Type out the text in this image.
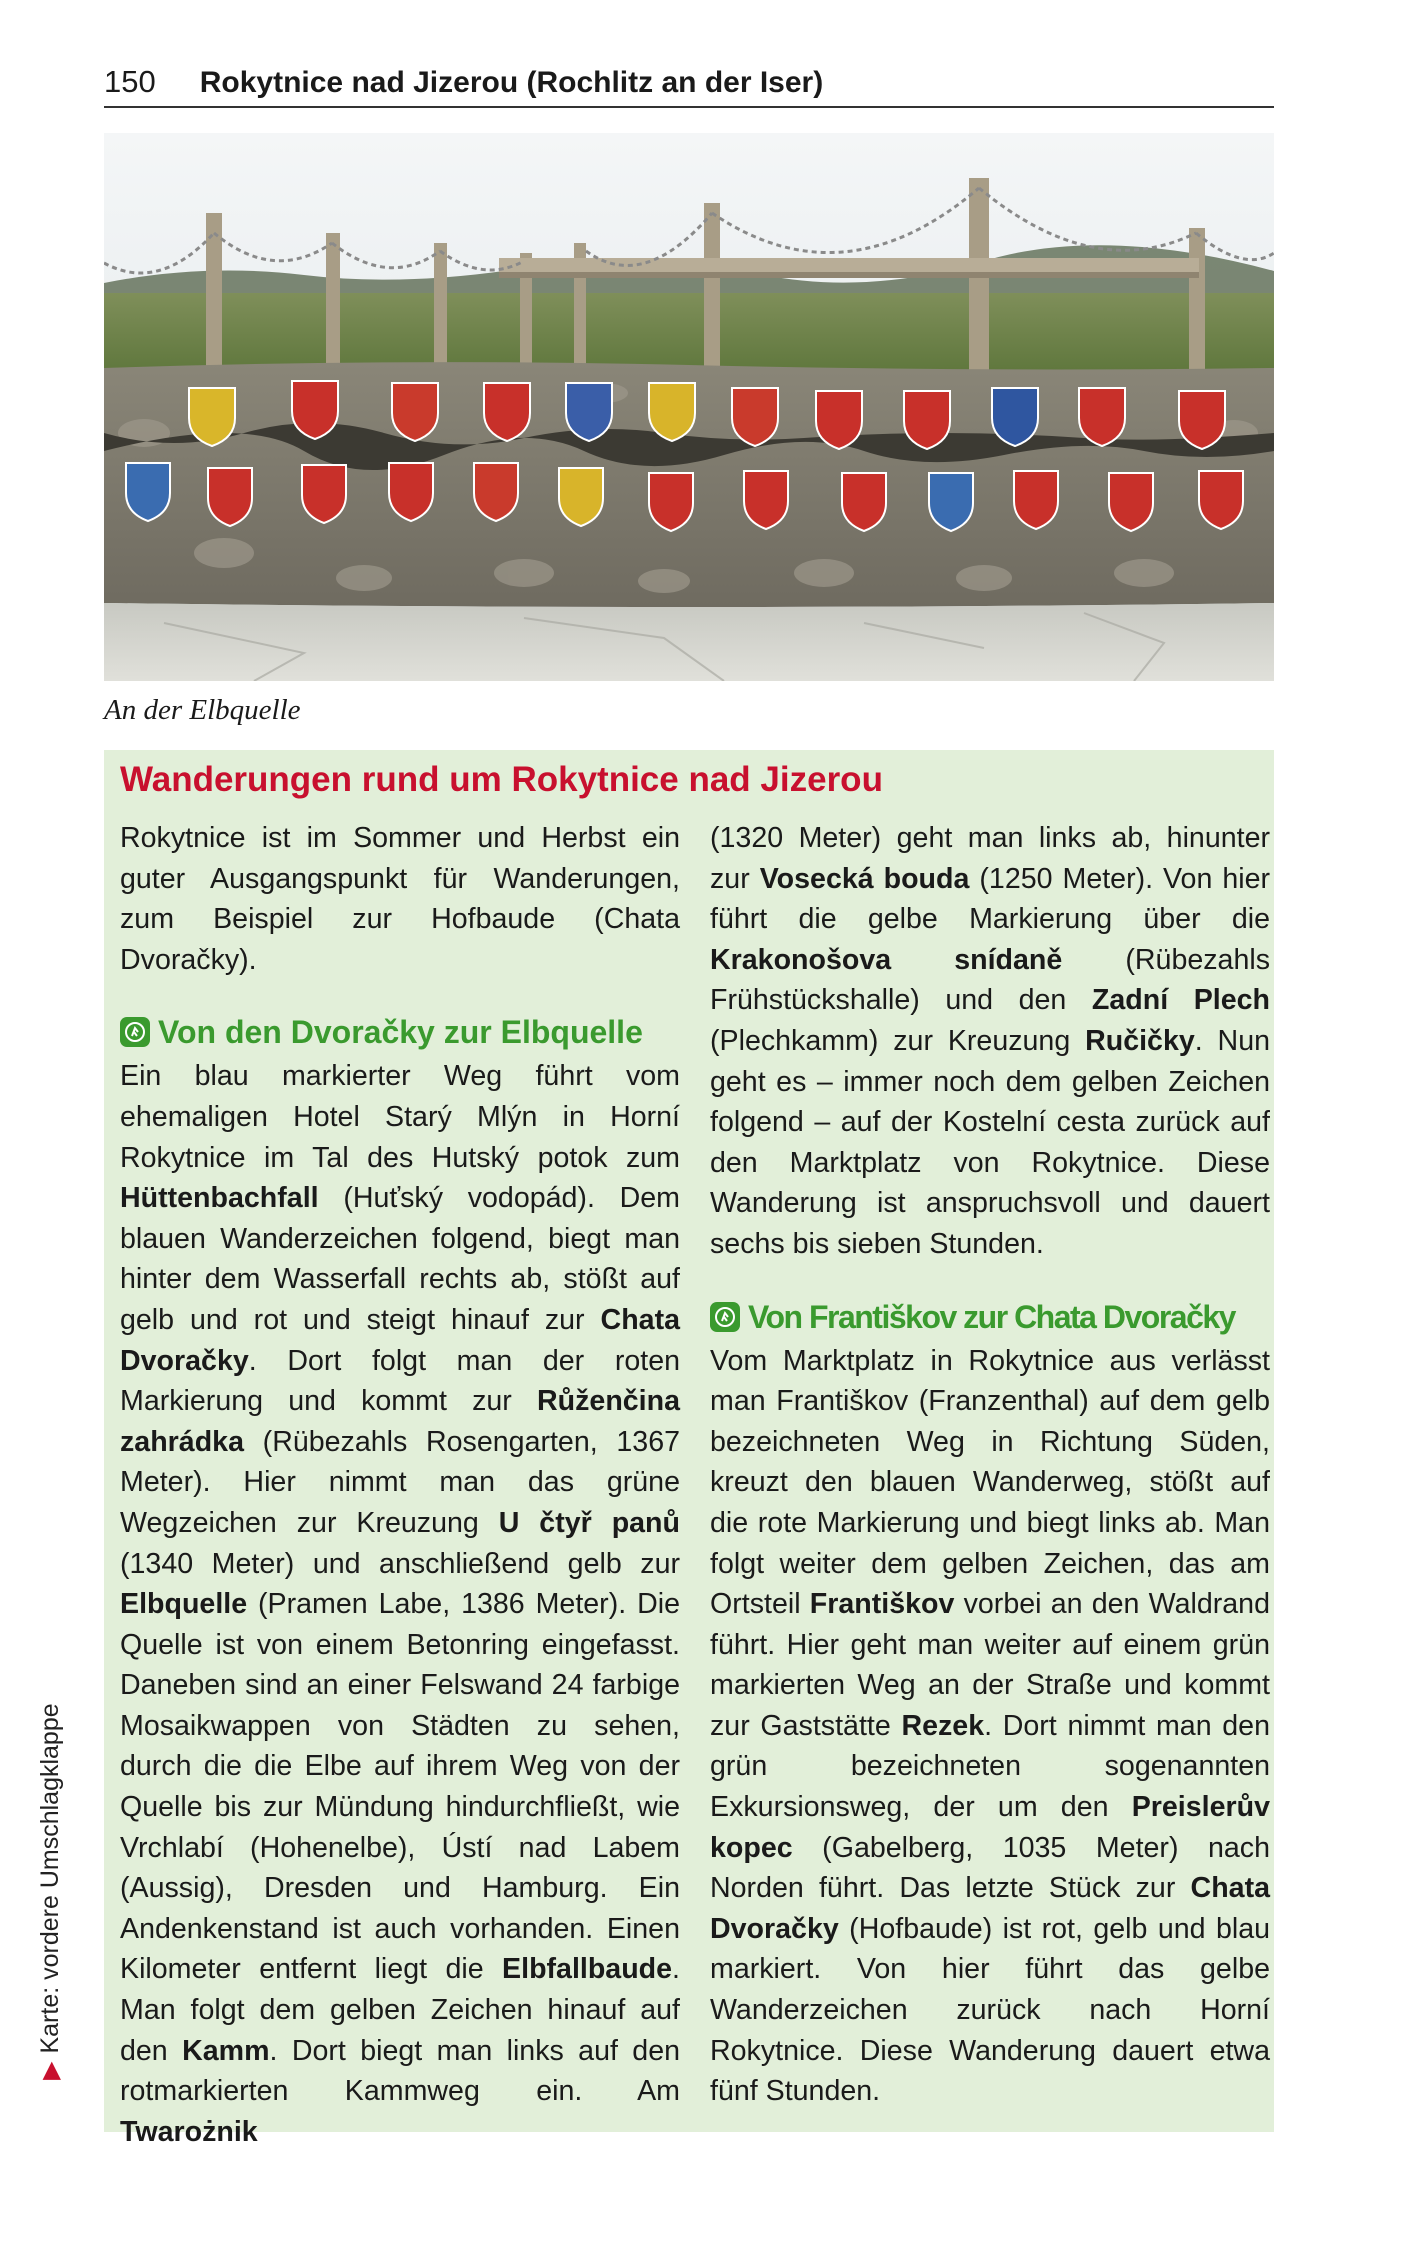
150 Rokytnice nad Jizerou (Rochlitz an der Iser)
An der Elbquelle
▶
Karte: vordere Umschlagklappe
Wanderungen rund um Rokytnice nad Jizerou

Rokytnice ist im Sommer und Herbst ein guter Ausgangspunkt für Wanderungen, zum Beispiel zur Hofbaude (Chata Dvoračky).

Von den Dvoračky zur Elbquelle

Ein blau markierter Weg führt vom ehemaligen Hotel Starý Mlýn in Horní Rokytnice im Tal des Hutský potok zum Hüttenbachfall (Huťský vodopád). Dem blauen Wanderzeichen folgend, biegt man hinter dem Wasserfall rechts ab, stößt auf gelb und rot und steigt hinauf zur Chata Dvoračky. Dort folgt man der roten Markierung und kommt zur Růženčina zahrádka (Rübezahls Rosengarten, 1367 Meter). Hier nimmt man das grüne Wegzeichen zur Kreuzung U čtyř panů (1340 Meter) und anschließend gelb zur Elbquelle (Pramen Labe, 1386 Meter). Die Quelle ist von einem Betonring eingefasst. Daneben sind an einer Felswand 24 farbige Mosaikwappen von Städten zu sehen, durch die die Elbe auf ihrem Weg von der Quelle bis zur Mündung hindurchfließt, wie Vrchlabí (Hohenelbe), Ústí nad Labem (Aussig), Dresden und Hamburg. Ein Andenkenstand ist auch vorhanden. Einen Kilometer entfernt liegt die Elbfallbaude. Man folgt dem gelben Zeichen hinauf auf den Kamm. Dort biegt man links auf den rotmarkierten Kammweg ein. Am Twarożnik

(1320 Meter) geht man links ab, hinunter zur Vosecká bouda (1250 Meter). Von hier führt die gelbe Markierung über die Krakonošova snídaně (Rübezahls Frühstückshalle) und den Zadní Plech (Plechkamm) zur Kreuzung Ručičky. Nun geht es – immer noch dem gelben Zeichen folgend – auf der Kostelní cesta zurück auf den Marktplatz von Rokytnice. Diese Wanderung ist anspruchsvoll und dauert sechs bis sieben Stunden.

Von Františkov zur Chata Dvoračky

Vom Marktplatz in Rokytnice aus verlässt man Františkov (Franzenthal) auf dem gelb bezeichneten Weg in Richtung Süden, kreuzt den blauen Wanderweg, stößt auf die rote Markierung und biegt links ab. Man folgt weiter dem gelben Zeichen, das am Ortsteil Františkov vorbei an den Waldrand führt. Hier geht man weiter auf einem grün markierten Weg an der Straße und kommt zur Gaststätte Rezek. Dort nimmt man den grün bezeichneten sogenannten Exkursionsweg, der um den Preislerův kopec (Gabelberg, 1035 Meter) nach Norden führt. Das letzte Stück zur Chata Dvoračky (Hofbaude) ist rot, gelb und blau markiert. Von hier führt das gelbe Wanderzeichen zurück nach Horní Rokytnice. Diese Wanderung dauert etwa fünf Stunden.
